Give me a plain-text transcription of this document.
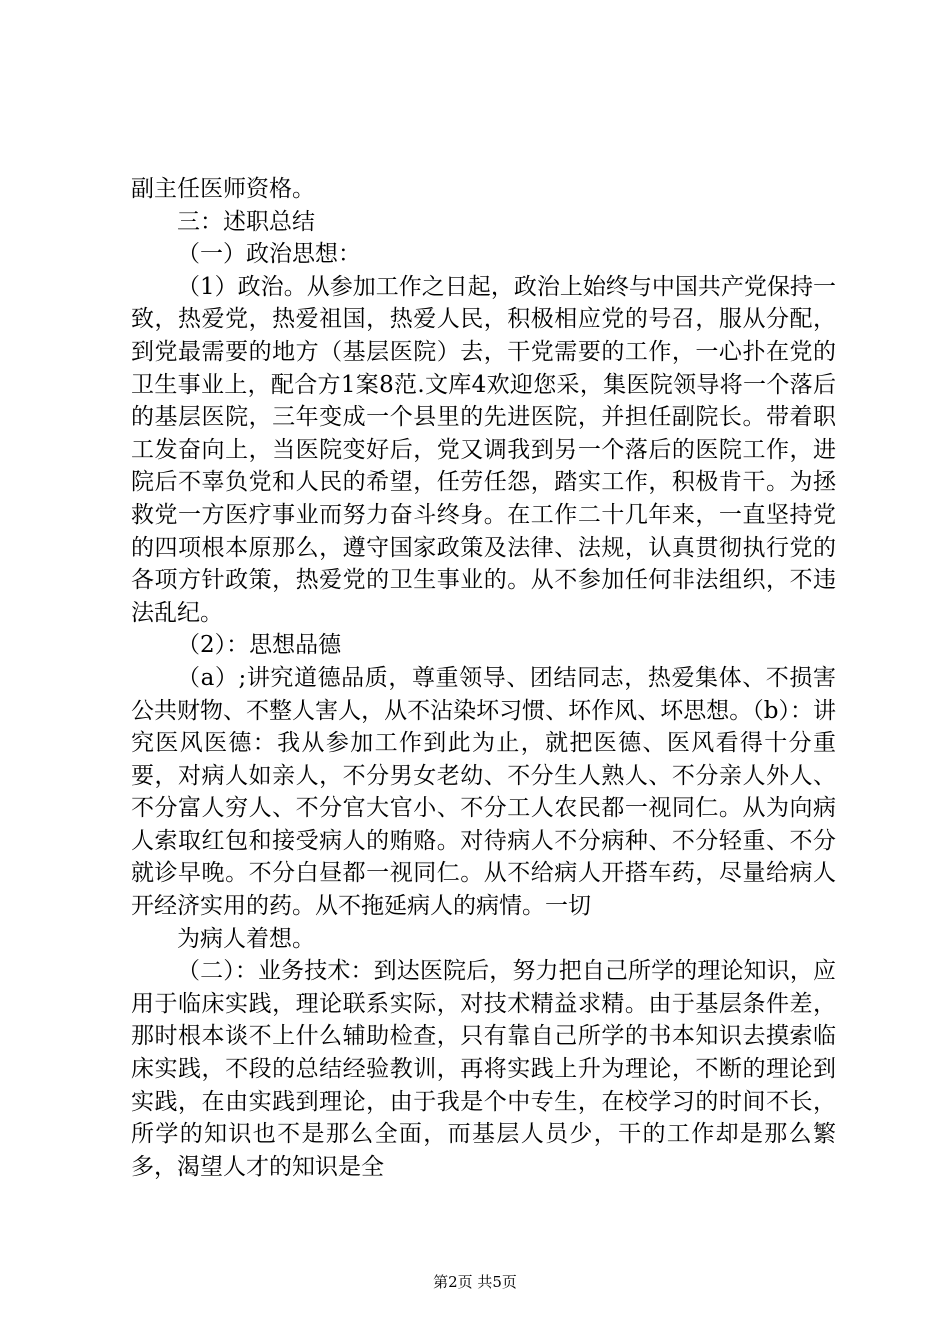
副主任医师资格。

三：述职总结

（一）政治思想：

（1）政治。从参加工作之日起，政治上始终与中国共产党保持一致，热爱党，热爱祖国，热爱人民，积极相应党的号召，服从分配，到党最需要的地方（基层医院）去，干党需要的工作，一心扑在党的卫生事业上，配合方1案8范.文库4欢迎您采，集医院领导将一个落后的基层医院，三年变成一个县里的先进医院，并担任副院长。带着职工发奋向上，当医院变好后，党又调我到另一个落后的医院工作，进院后不辜负党和人民的希望，任劳任怨，踏实工作，积极肯干。为拯救党一方医疗事业而努力奋斗终身。在工作二十几年来，一直坚持党的四项根本原那么，遵守国家政策及法律、法规，认真贯彻执行党的各项方针政策，热爱党的卫生事业的。从不参加任何非法组织，不违法乱纪。

（2）：思想品德

（a）;讲究道德品质，尊重领导、团结同志，热爱集体、不损害公共财物、不整人害人，从不沾染坏习惯、坏作风、坏思想。（b）：讲究医风医德：我从参加工作到此为止，就把医德、医风看得十分重要，对病人如亲人，不分男女老幼、不分生人熟人、不分亲人外人、不分富人穷人、不分官大官小、不分工人农民都一视同仁。从为向病人索取红包和接受病人的贿赂。对待病人不分病种、不分轻重、不分就诊早晚。不分白昼都一视同仁。从不给病人开搭车药，尽量给病人开经济实用的药。从不拖延病人的病情。一切

为病人着想。

（二）：业务技术：到达医院后，努力把自己所学的理论知识，应用于临床实践，理论联系实际，对技术精益求精。由于基层条件差，那时根本谈不上什么辅助检查，只有靠自己所学的书本知识去摸索临床实践，不段的总结经验教训，再将实践上升为理论，不断的理论到实践，在由实践到理论，由于我是个中专生，在校学习的时间不长，所学的知识也不是那么全面，而基层人员少，干的工作却是那么繁多，渴望人才的知识是全

第2页 共5页
